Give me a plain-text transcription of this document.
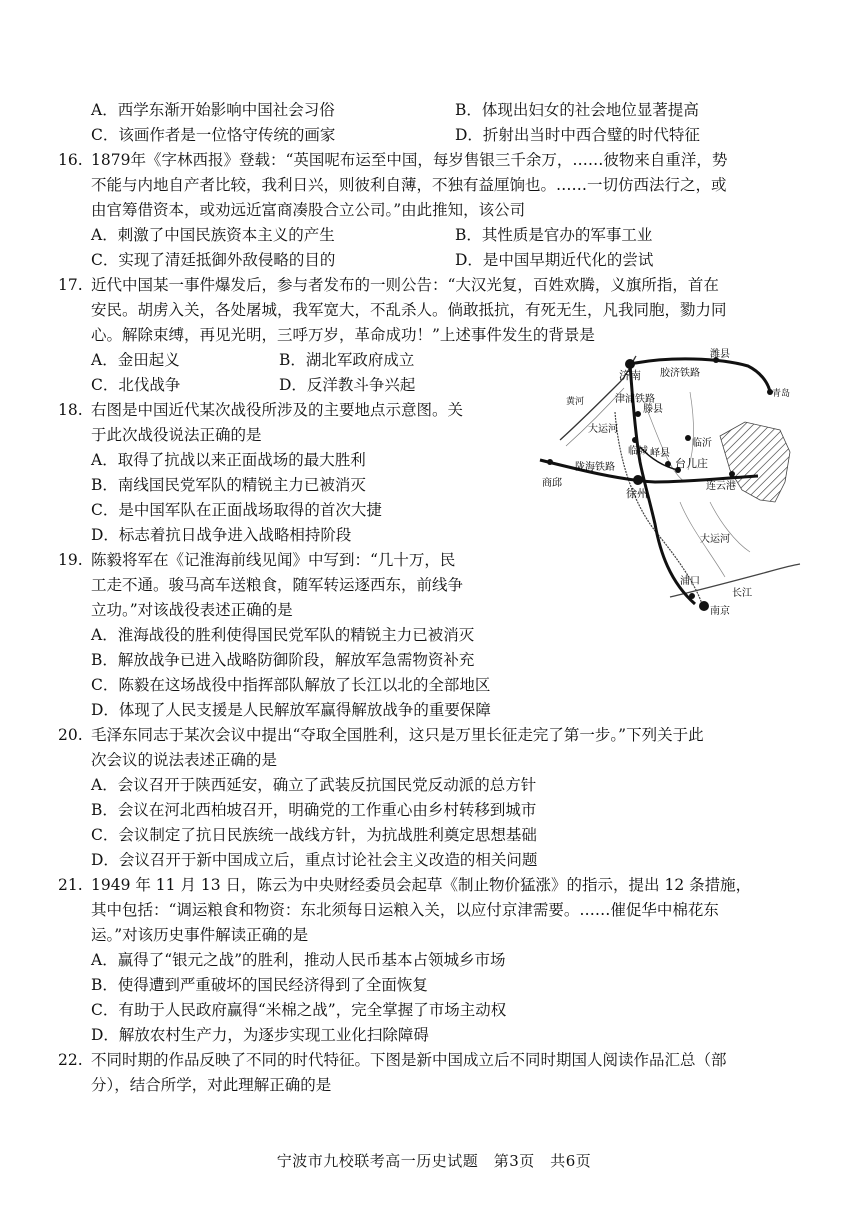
A．西学东渐开始影响中国社会习俗	B．体现出妇女的社会地位显著提高
C．该画作者是一位恪守传统的画家	D．折射出当时中西合璧的时代特征
16. 1879年《字林西报》登载：“英国呢布运至中国，每岁售银三千余万，……彼物来自重洋，势
不能与内地自产者比较，我利日兴，则彼利自薄，不独有益厘饷也。……一切仿西法行之，或
由官筹借资本，或劝远近富商凑股合立公司。”由此推知，该公司
A．刺激了中国民族资本主义的产生	B．其性质是官办的军事工业
C．实现了清廷抵御外敌侵略的目的	D．是中国早期近代化的尝试
17. 近代中国某一事件爆发后，参与者发布的一则公告：“大汉光复，百姓欢腾，义旗所指，首在
安民。胡虏入关，各处屠城，我军宽大，不乱杀人。倘敢抵抗，有死无生，凡我同胞，勠力同
心。解除束缚，再见光明，三呼万岁，革命成功！”上述事件发生的背景是
A．金田起义	B．湖北军政府成立
C．北伐战争	D．反洋教斗争兴起
18. 右图是中国近代某次战役所涉及的主要地点示意图。关
于此次战役说法正确的是
A．取得了抗战以来正面战场的最大胜利
B．南线国民党军队的精锐主力已被消灭
C．是中国军队在正面战场取得的首次大捷
D．标志着抗日战争进入战略相持阶段
19. 陈毅将军在《记淮海前线见闻》中写到：“几十万，民
工走不通。骏马高车送粮食，随军转运逐西东，前线争
立功。”对该战役表述正确的是
A．淮海战役的胜利使得国民党军队的精锐主力已被消灭
B．解放战争已进入战略防御阶段，解放军急需物资补充
C．陈毅在这场战役中指挥部队解放了长江以北的全部地区
D．体现了人民支援是人民解放军赢得解放战争的重要保障
20. 毛泽东同志于某次会议中提出“夺取全国胜利，这只是万里长征走完了第一步。”下列关于此
次会议的说法表述正确的是
A．会议召开于陕西延安，确立了武装反抗国民党反动派的总方针
B．会议在河北西柏坡召开，明确党的工作重心由乡村转移到城市
C．会议制定了抗日民族统一战线方针，为抗战胜利奠定思想基础
D．会议召开于新中国成立后，重点讨论社会主义改造的相关问题
21. 1949 年 11 月 13 日，陈云为中央财经委员会起草《制止物价猛涨》的指示，提出 12 条措施，
其中包括：“调运粮食和物资：东北须每日运粮入关，以应付京津需要。……催促华中棉花东
运。”对该历史事件解读正确的是
A．赢得了“银元之战”的胜利，推动人民币基本占领城乡市场
B．使得遭到严重破坏的国民经济得到了全面恢复
C．有助于人民政府赢得“米棉之战”，完全掌握了市场主动权
D．解放农村生产力，为逐步实现工业化扫除障碍
22. 不同时期的作品反映了不同的时代特征。下图是新中国成立后不同时期国人阅读作品汇总（部
分），结合所学，对此理解正确的是
济南
潍县
青岛
胶济铁路
黄河	津浦铁路
大运河
滕县
临城 峄县
临沂
台儿庄
陇海铁路
商邱
徐州
连云港
大运河
长江
浦口
南京
宁波市九校联考高一历史试题　第3页　共6页
